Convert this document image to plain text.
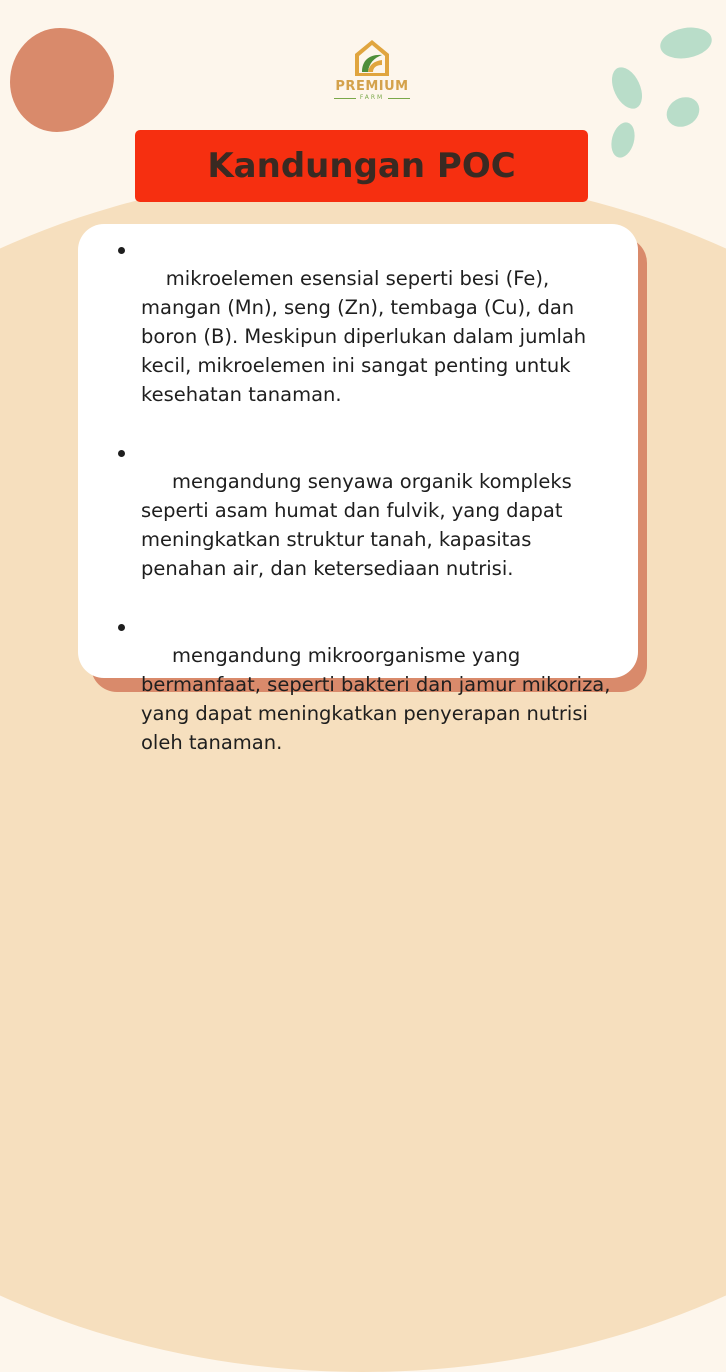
PREMIUM
FARM
Kandungan POC

mikroelemen esensial seperti besi (Fe), mangan (Mn), seng (Zn), tembaga (Cu), dan boron (B). Meskipun diperlukan dalam jumlah kecil, mikroelemen ini sangat penting untuk kesehatan tanaman.

mengandung senyawa organik kompleks seperti asam humat dan fulvik, yang dapat meningkatkan struktur tanah, kapasitas penahan air, dan ketersediaan nutrisi.

mengandung mikroorganisme yang bermanfaat, seperti bakteri dan jamur mikoriza, yang dapat meningkatkan penyerapan nutrisi oleh tanaman.
